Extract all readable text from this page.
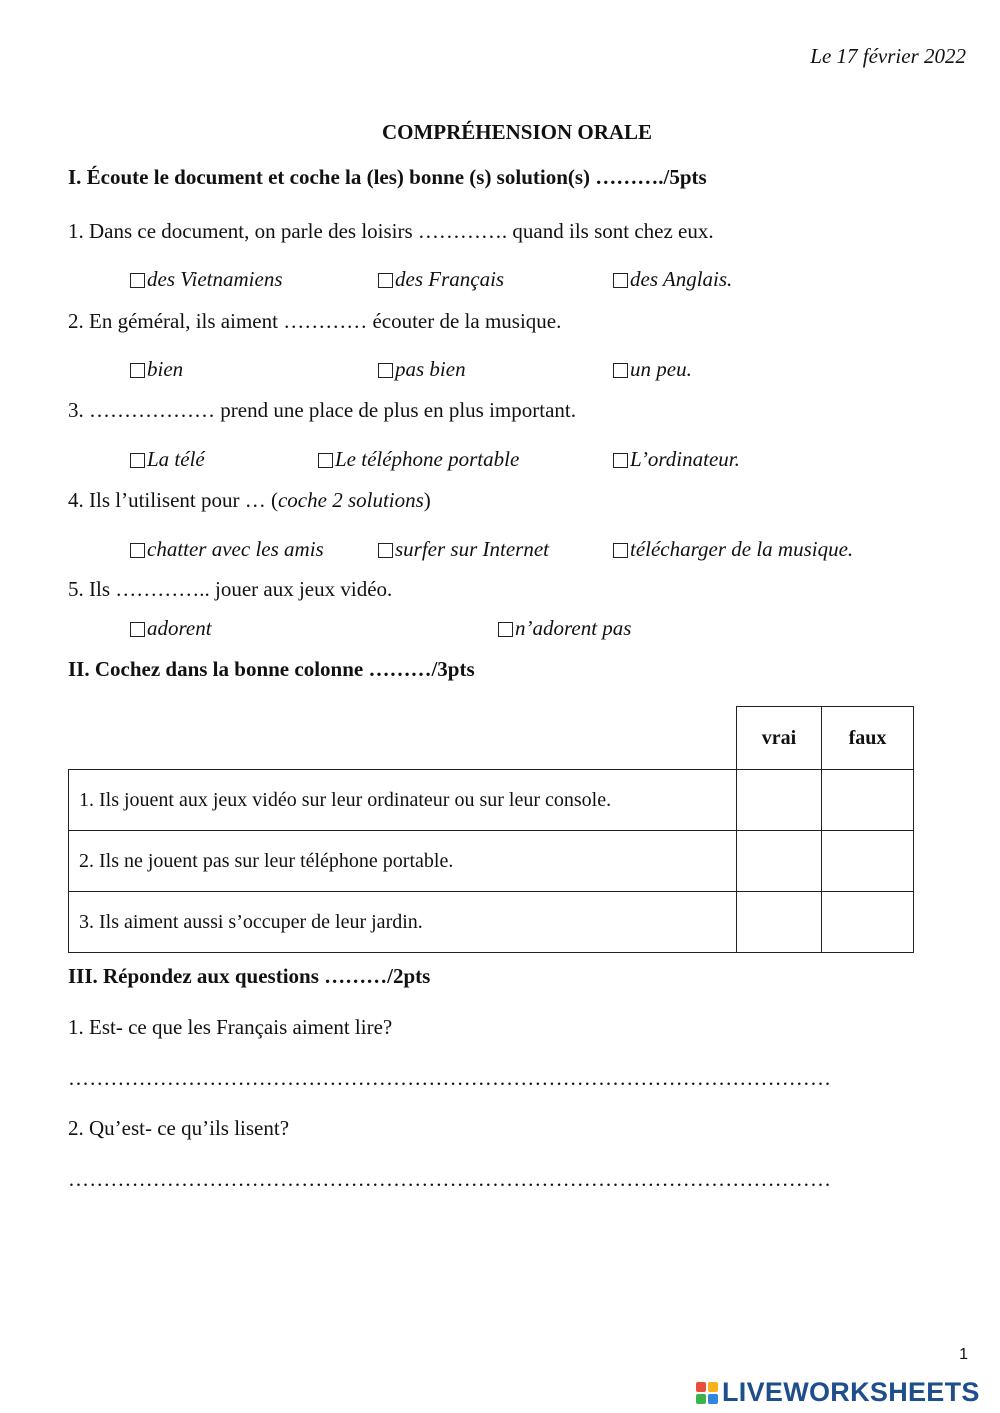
Le 17 février 2022
COMPRÉHENSION ORALE
I. Écoute le document et coche la (les) bonne (s) solution(s) ………./5pts
1. Dans ce document, on parle des loisirs …………. quand ils sont chez eux.
des Vietnamiens	des Français	des Anglais.
2. En géméral, ils aiment ………… écouter de la musique.
bien	pas bien	un peu.
3. ……………… prend une place de plus en plus important.
La télé	Le téléphone portable	L’ordinateur.
4. Ils l’utilisent pour … (coche 2 solutions)
chatter avec les amis	surfer sur Internet	télécharger de la musique.
5. Ils ………….. jouer aux jeux vidéo.
adorent	n’adorent pas
II. Cochez dans la bonne colonne ………/3pts
	vrai	faux
1. Ils jouent aux jeux vidéo sur leur ordinateur ou sur leur console.		
2. Ils ne jouent pas sur leur téléphone portable.		
3. Ils aiment aussi s’occuper de leur jardin.		
III. Répondez aux questions ………/2pts
1. Est- ce que les Français aiment lire?
………………………………………………………………………………………………
2. Qu’est- ce qu’ils lisent?
………………………………………………………………………………………………
1
LIVEWORKSHEETS
